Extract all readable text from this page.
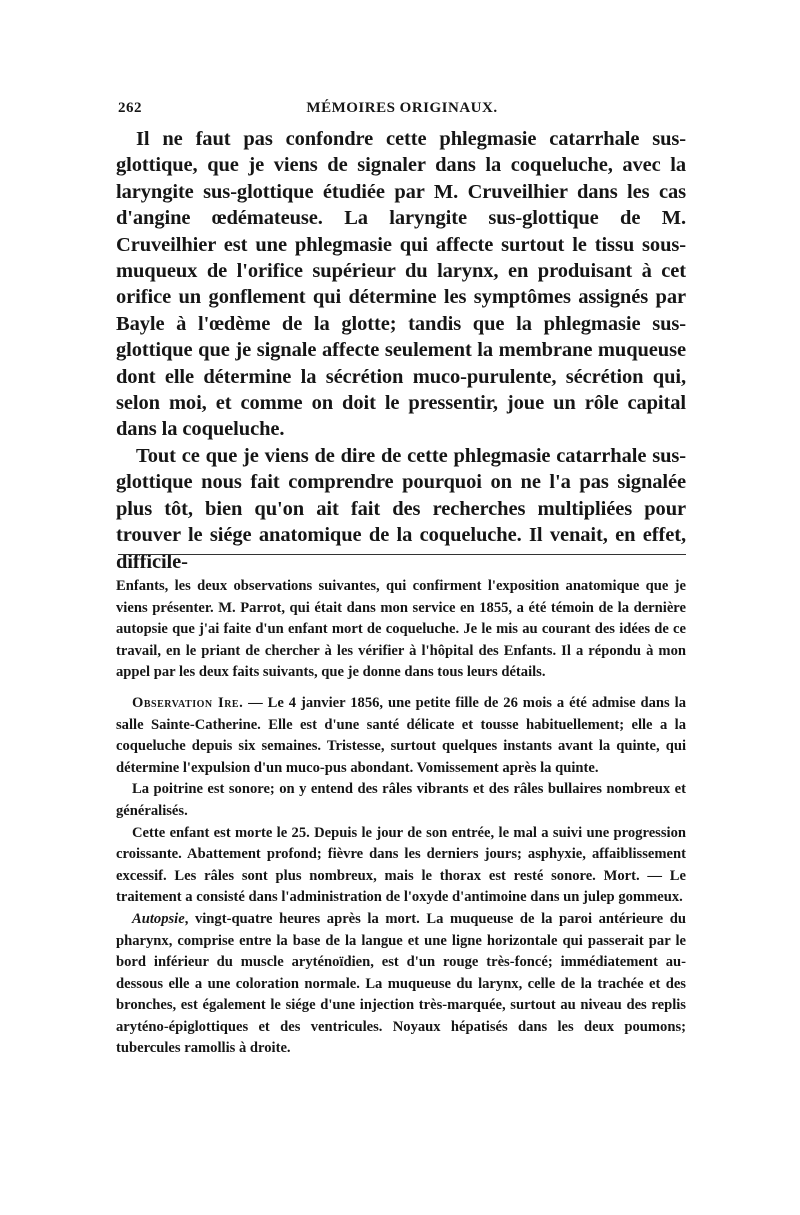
262	MÉMOIRES ORIGINAUX.

Il ne faut pas confondre cette phlegmasie catarrhale sus-glottique, que je viens de signaler dans la coqueluche, avec la laryngite sus-glottique étudiée par M. Cruveilhier dans les cas d'angine œdémateuse. La laryngite sus-glottique de M. Cruveilhier est une phlegmasie qui affecte surtout le tissu sous-muqueux de l'orifice supérieur du larynx, en produisant à cet orifice un gonflement qui détermine les symptômes assignés par Bayle à l'œdème de la glotte; tandis que la phlegmasie sus-glottique que je signale affecte seulement la membrane muqueuse dont elle détermine la sécrétion muco-purulente, sécrétion qui, selon moi, et comme on doit le pressentir, joue un rôle capital dans la coqueluche.

Tout ce que je viens de dire de cette phlegmasie catarrhale sus-glottique nous fait comprendre pourquoi on ne l'a pas signalée plus tôt, bien qu'on ait fait des recherches multipliées pour trouver le siége anatomique de la coqueluche. Il venait, en effet, difficile-

Enfants, les deux observations suivantes, qui confirment l'exposition anatomique que je viens présenter. M. Parrot, qui était dans mon service en 1855, a été témoin de la dernière autopsie que j'ai faite d'un enfant mort de coqueluche. Je le mis au courant des idées de ce travail, en le priant de chercher à les vérifier à l'hôpital des Enfants. Il a répondu à mon appel par les deux faits suivants, que je donne dans tous leurs détails.

Observation Ire. — Le 4 janvier 1856, une petite fille de 26 mois a été admise dans la salle Sainte-Catherine. Elle est d'une santé délicate et tousse habituellement; elle a la coqueluche depuis six semaines. Tristesse, surtout quelques instants avant la quinte, qui détermine l'expulsion d'un muco-pus abondant. Vomissement après la quinte.

La poitrine est sonore; on y entend des râles vibrants et des râles bullaires nombreux et généralisés.

Cette enfant est morte le 25. Depuis le jour de son entrée, le mal a suivi une progression croissante. Abattement profond; fièvre dans les derniers jours; asphyxie, affaiblissement excessif. Les râles sont plus nombreux, mais le thorax est resté sonore. Mort. — Le traitement a consisté dans l'administration de l'oxyde d'antimoine dans un julep gommeux.

Autopsie, vingt-quatre heures après la mort. La muqueuse de la paroi antérieure du pharynx, comprise entre la base de la langue et une ligne horizontale qui passerait par le bord inférieur du muscle aryténoïdien, est d'un rouge très-foncé; immédiatement au-dessous elle a une coloration normale. La muqueuse du larynx, celle de la trachée et des bronches, est également le siége d'une injection très-marquée, surtout au niveau des replis aryténo-épiglottiques et des ventricules. Noyaux hépatisés dans les deux poumons; tubercules ramollis à droite.
